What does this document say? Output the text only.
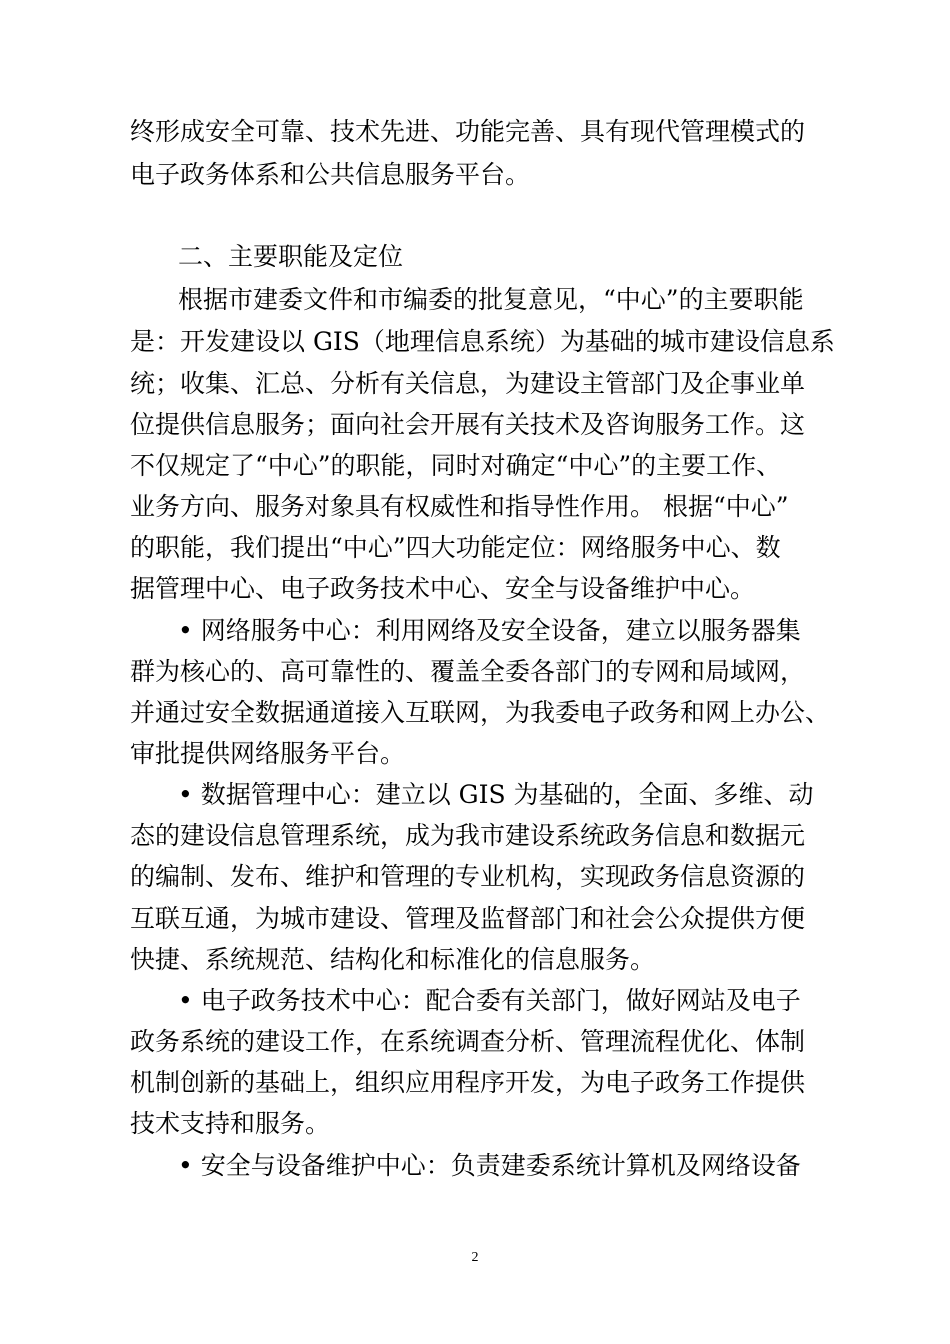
终形成安全可靠、技术先进、功能完善、具有现代管理模式的
电子政务体系和公共信息服务平台。
二、主要职能及定位
根据市建委文件和市编委的批复意见，“中心”的主要职能
是：开发建设以 GIS（地理信息系统）为基础的城市建设信息系
统；收集、汇总、分析有关信息，为建设主管部门及企事业单
位提供信息服务；面向社会开展有关技术及咨询服务工作。这
不仅规定了“中心”的职能，同时对确定“中心”的主要工作、
业务方向、服务对象具有权威性和指导性作用。 根据“中心”
的职能，我们提出“中心”四大功能定位：网络服务中心、数
据管理中心、电子政务技术中心、安全与设备维护中心。
• 网络服务中心：利用网络及安全设备，建立以服务器集
群为核心的、高可靠性的、覆盖全委各部门的专网和局域网，
并通过安全数据通道接入互联网，为我委电子政务和网上办公、
审批提供网络服务平台。
• 数据管理中心：建立以 GIS 为基础的，全面、多维、动
态的建设信息管理系统，成为我市建设系统政务信息和数据元
的编制、发布、维护和管理的专业机构，实现政务信息资源的
互联互通，为城市建设、管理及监督部门和社会公众提供方便
快捷、系统规范、结构化和标准化的信息服务。
• 电子政务技术中心：配合委有关部门，做好网站及电子
政务系统的建设工作，在系统调查分析、管理流程优化、体制
机制创新的基础上，组织应用程序开发，为电子政务工作提供
技术支持和服务。
• 安全与设备维护中心：负责建委系统计算机及网络设备
2
